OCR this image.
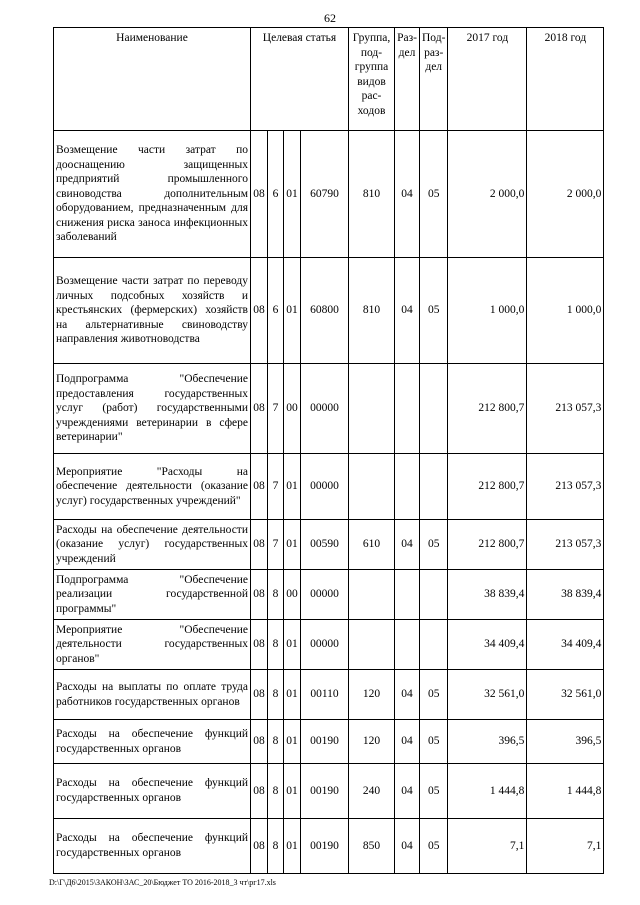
62
Наименование	Целевая статья				Группа, под-группа видов рас-ходов	Раз-дел	Под-раз-дел	2017 год	2018 год
Возмещение части затрат по дооснащению защищенных предприятий промышленного свиноводства дополнительным оборудованием, предназначенным для снижения риска заноса инфекционных заболеваний	08	6	01	60790	810	04	05	2 000,0	2 000,0
Возмещение части затрат по переводу личных подсобных хозяйств и крестьянских (фермерских) хозяйств на альтернативные свиноводству направления животноводства	08	6	01	60800	810	04	05	1 000,0	1 000,0
Подпрограмма "Обеспечение предоставления государственных услуг (работ) государственными учреждениями ветеринарии в сфере ветеринарии"	08	7	00	00000				212 800,7	213 057,3
Мероприятие "Расходы на обеспечение деятельности (оказание услуг) государственных учреждений"	08	7	01	00000				212 800,7	213 057,3
Расходы на обеспечение деятельности (оказание услуг) государственных учреждений	08	7	01	00590	610	04	05	212 800,7	213 057,3
Подпрограмма "Обеспечение реализации государственной программы"	08	8	00	00000				38 839,4	38 839,4
Мероприятие "Обеспечение деятельности государственных органов"	08	8	01	00000				34 409,4	34 409,4
Расходы на выплаты по оплате труда работников государственных органов	08	8	01	00110	120	04	05	32 561,0	32 561,0
Расходы на обеспечение функций государственных органов	08	8	01	00190	120	04	05	396,5	396,5
Расходы на обеспечение функций государственных органов	08	8	01	00190	240	04	05	1 444,8	1 444,8
Расходы на обеспечение функций государственных органов	08	8	01	00190	850	04	05	7,1	7,1
D:\Г\Д6\2015\ЗАКОН\ЗАС_20\Бюджет ТО 2016-2018_3 чт\рг17.xls
